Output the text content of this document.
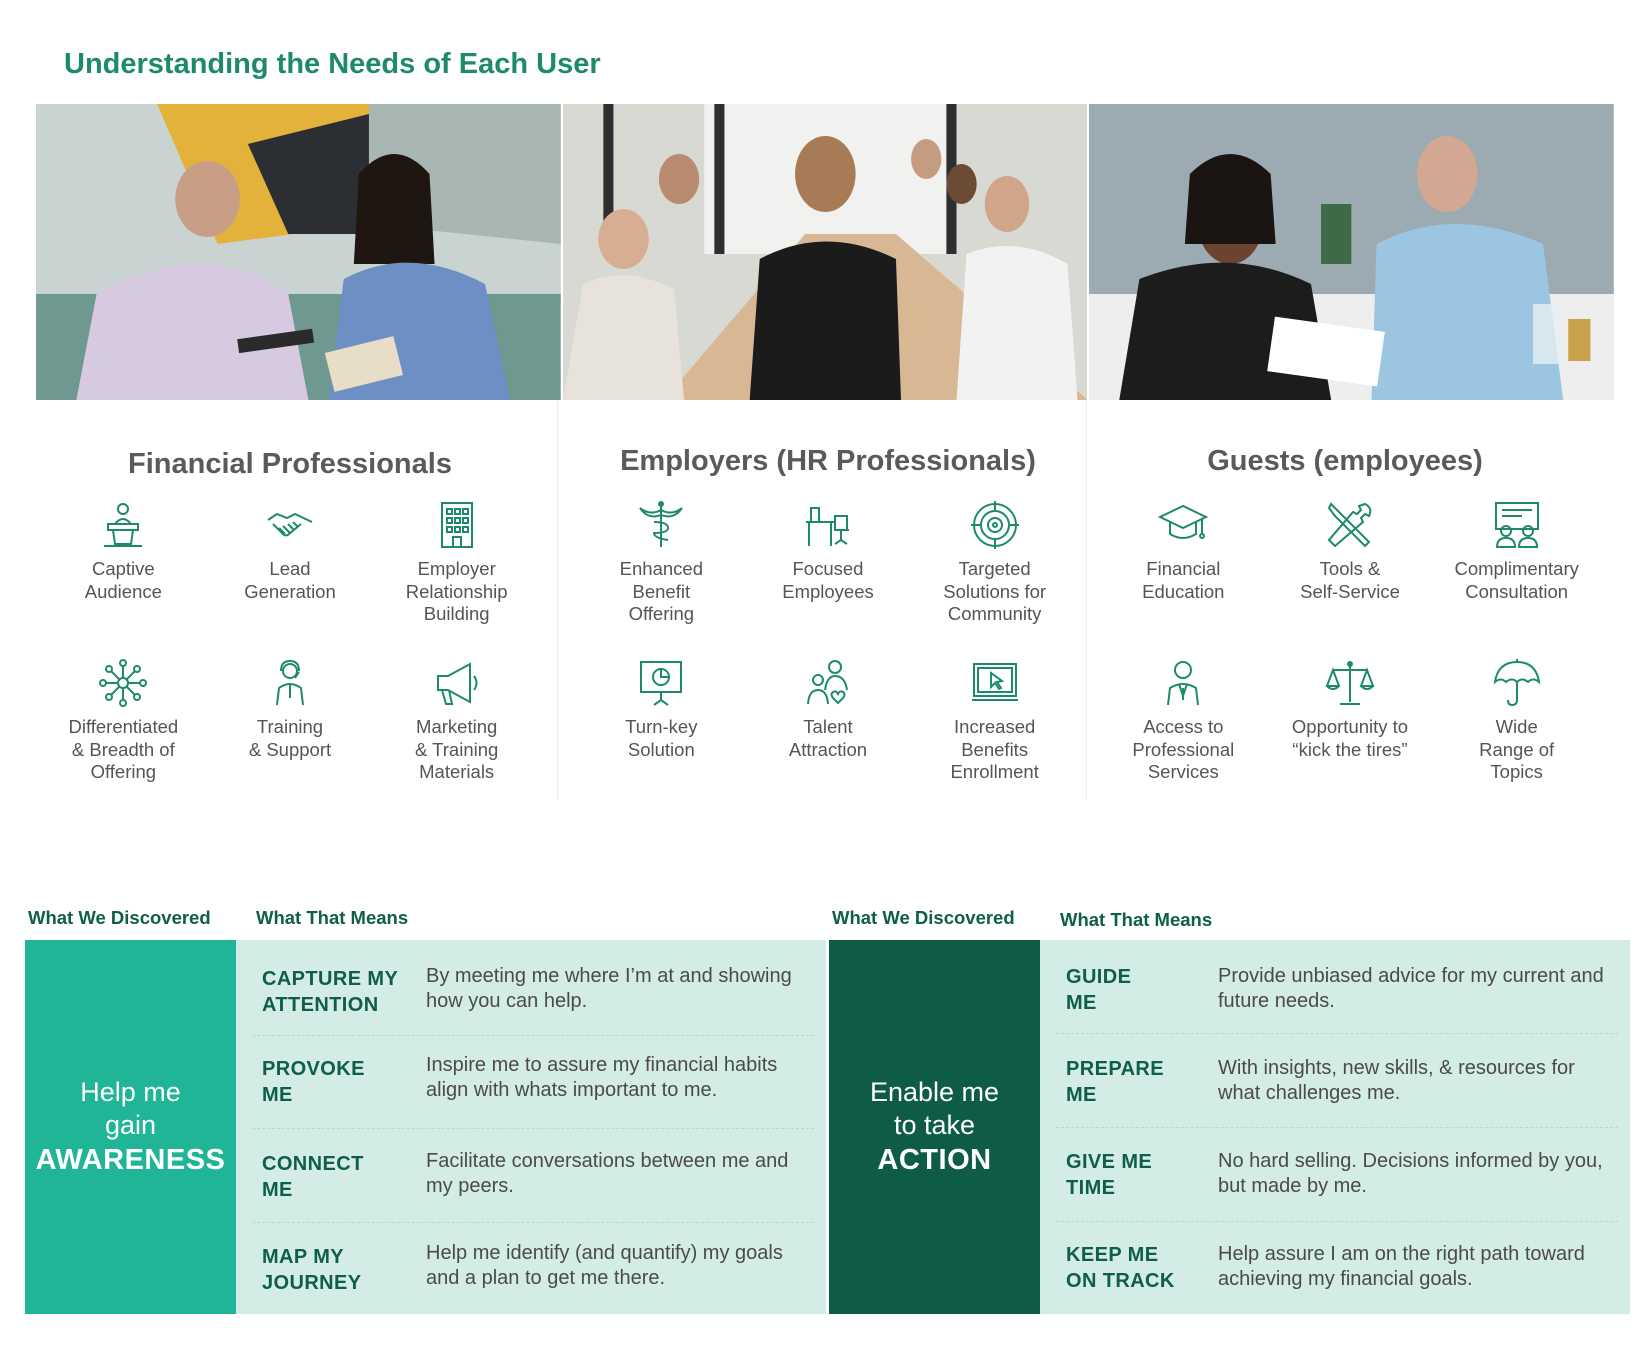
Understanding the Needs of Each User
Financial Professionals
Captive
Audience
Lead
Generation
Employer
Relationship
Building
Differentiated
& Breadth of
Offering
Training
& Support
Marketing
& Training
Materials
Employers (HR Professionals)
Enhanced
Benefit
Offering
Focused
Employees
Targeted
Solutions for
Community
Turn-key
Solution
Talent
Attraction
Increased
Benefits
Enrollment
Guests (employees)
Financial
Education
Tools &
Self-Service
Complimentary
Consultation
Access to
Professional
Services
Opportunity to
“kick the tires”
Wide
Range of
Topics
What We Discovered What That Means
Help me
gain
AWARENESS
CAPTURE MY
ATTENTION
By meeting me where I’m at and showing how you can help.
PROVOKE
ME
Inspire me to assure my financial habits align with whats important to me.
CONNECT
ME
Facilitate conversations between me and my peers.
MAP MY
JOURNEY
Help me identify (and quantify) my goals and a plan to get me there.
What We Discovered What That Means
Enable me
to take
ACTION
GUIDE
ME
Provide unbiased advice for my current and future needs.
PREPARE
ME
With insights, new skills, & resources for what challenges me.
GIVE ME
TIME
No hard selling. Decisions informed by you, but made by me.
KEEP ME
ON TRACK
Help assure I am on the right path toward achieving my financial goals.
